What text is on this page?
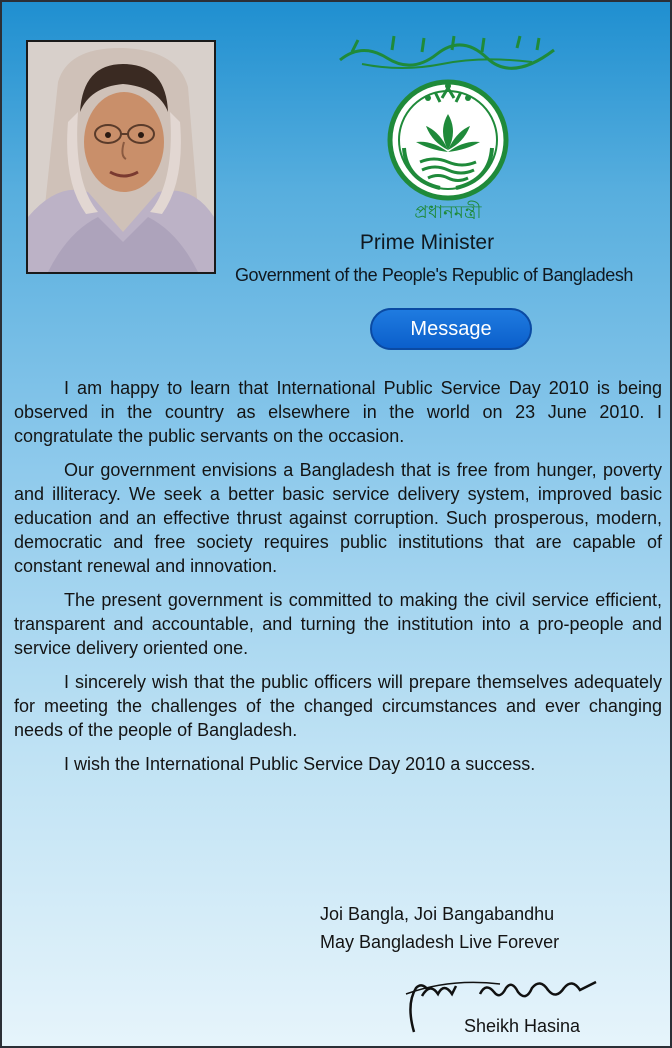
প্রধানমন্ত্রী
Prime Minister
Government of the People's Republic of Bangladesh
Message

I am happy to learn that International Public Service Day 2010 is being observed in the country as elsewhere in the world on 23 June 2010. I congratulate the public servants on the occasion.

Our government envisions a Bangladesh that is free from hunger, poverty and illiteracy. We seek a better basic service delivery system, improved basic education and an effective thrust against corruption. Such prosperous, modern, democratic and free society requires public institutions that are capable of constant renewal and innovation.

The present government is committed to making the civil service efficient, transparent and accountable, and turning the institution into a pro-people and service delivery oriented one.

I sincerely wish that the public officers will prepare themselves adequately for meeting the challenges of the changed circumstances and ever changing needs of the people of Bangladesh.

I wish the International Public Service Day 2010 a success.

Joi Bangla, Joi Bangabandhu
May Bangladesh Live Forever
Sheikh Hasina
